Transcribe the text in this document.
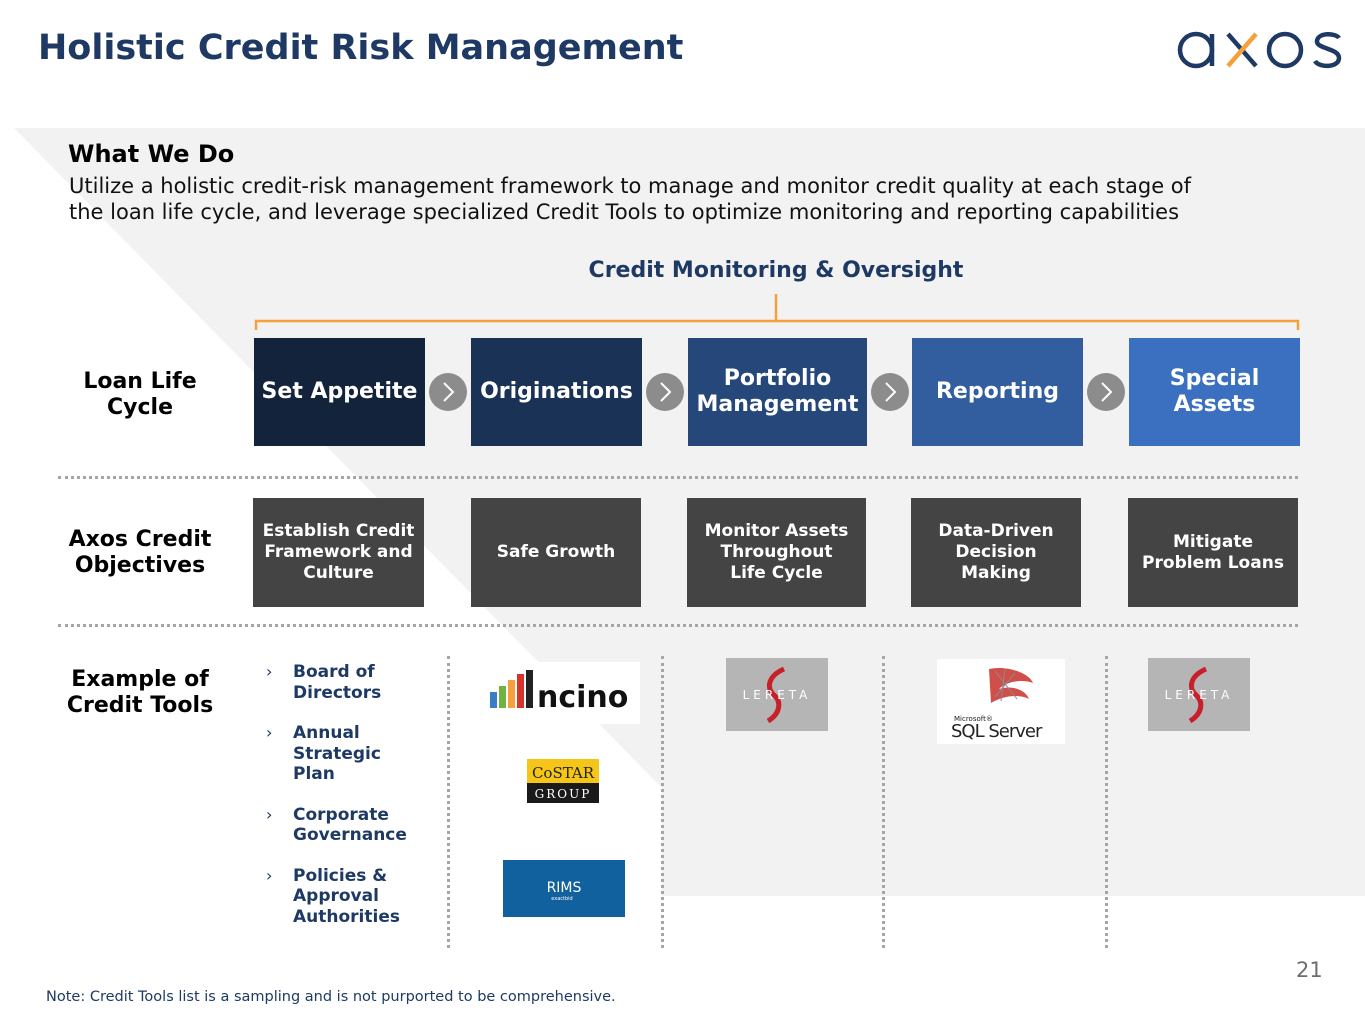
Holistic Credit Risk Management
What We Do
Utilize a holistic credit-risk management framework to manage and monitor credit quality at each stage of
the loan life cycle, and leverage specialized Credit Tools to optimize monitoring and reporting capabilities
Credit Monitoring & Oversight
Loan Life
Cycle
Axos Credit
Objectives
Example of
Credit Tools
Set Appetite	Originations
Portfolio
Management
Reporting
Special
Assets
Establish Credit
Framework and
Culture
Safe Growth
Monitor Assets
Throughout
Life Cycle
Data-Driven
Decision
Making
Mitigate
Problem Loans
› Board of
Directors
› Annual
Strategic
Plan
› Corporate
Governance
› Policies &
Approval
Authorities
ncino
CoSTAR
GROUP
RIMS
exactbid
LERETA
Microsoft®
SQL Server
LERETA
21
Note: Credit Tools list is a sampling and is not purported to be comprehensive.
